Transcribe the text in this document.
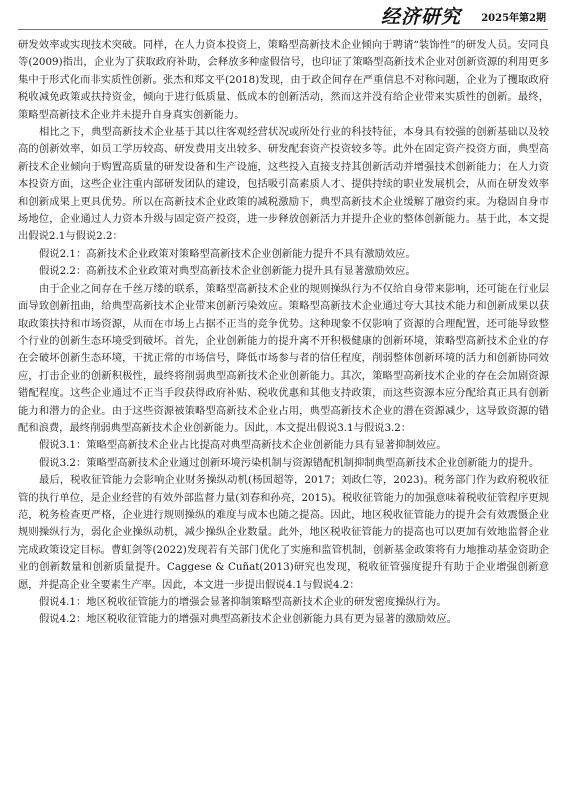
经济研究 2025年第2期

研发效率或实现技术突破。同样，在人力资本投资上，策略型高新技术企业倾向于聘请“装饰性”的研发人员。安同良等(2009)指出，企业为了获取政府补助，会释放多种虚假信号，也印证了策略型高新技术企业对创新资源的利用更多集中于形式化而非实质性创新。张杰和郑文平(2018)发现，由于政企间存在严重信息不对称问题，企业为了攫取政府税收减免政策或扶持资金，倾向于进行低质量、低成本的创新活动，然而这并没有给企业带来实质性的创新。最终，策略型高新技术企业并未提升自身真实创新能力。

相比之下，典型高新技术企业基于其以往客观经营状况或所处行业的科技特征，本身具有较强的创新基础以及较高的创新效率，如员工学历较高、研发费用支出较多、研发配套资产投资较多等。此外在固定资产投资方面，典型高新技术企业倾向于购置高质量的研发设备和生产设施，这些投入直接支持其创新活动并增强技术创新能力；在人力资本投资方面，这些企业注重内部研发团队的建设，包括吸引高素质人才、提供持续的职业发展机会，从而在研发效率和创新成果上更具优势。所以在高新技术企业政策的减税激励下，典型高新技术企业缓解了融资约束。为稳固自身市场地位，企业通过人力资本升级与固定资产投资，进一步释放创新活力并提升企业的整体创新能力。基于此，本文提出假说2.1与假说2.2：

假说2.1：高新技术企业政策对策略型高新技术企业创新能力提升不具有激励效应。

假说2.2：高新技术企业政策对典型高新技术企业创新能力提升具有显著激励效应。

由于企业之间存在千丝万缕的联系，策略型高新技术企业的规则操纵行为不仅给自身带来影响，还可能在行业层面导致创新扭曲，给典型高新技术企业带来创新污染效应。策略型高新技术企业通过夸大其技术能力和创新成果以获取政策扶持和市场资源，从而在市场上占据不正当的竞争优势。这种现象不仅影响了资源的合理配置，还可能导致整个行业的创新生态环境受到破坏。首先，企业创新能力的提升离不开积极健康的创新环境，策略型高新技术企业的存在会破坏创新生态环境，干扰正常的市场信号，降低市场参与者的信任程度，削弱整体创新环境的活力和创新协同效应，打击企业的创新积极性，最终将削弱典型高新技术企业创新能力。其次，策略型高新技术企业的存在会加剧资源错配程度。这些企业通过不正当手段获得政府补贴、税收优惠和其他支持政策，而这些资源本应分配给真正具有创新能力和潜力的企业。由于这些资源被策略型高新技术企业占用，典型高新技术企业的潜在资源减少，这导致资源的错配和浪费，最终削弱典型高新技术企业创新能力。因此，本文提出假说3.1与假说3.2：

假说3.1：策略型高新技术企业占比提高对典型高新技术企业创新能力具有显著抑制效应。

假说3.2：策略型高新技术企业通过创新环境污染机制与资源错配机制抑制典型高新技术企业创新能力的提升。

最后，税收征管能力会影响企业财务操纵动机(杨国超等，2017；刘政仁等，2023)。税务部门作为政府税收征管的执行单位，是企业经营的有效外部监督力量(刘春和孙亮，2015)。税收征管能力的加强意味着税收征管程序更规范，税务检查更严格，企业进行规则操纵的难度与成本也随之提高。因此，地区税收征管能力的提升会有效震慑企业规则操纵行为，弱化企业操纵动机，减少操纵企业数量。此外，地区税收征管能力的提高也可以更加有效地监督企业完成政策设定目标。曹虹剑等(2022)发现若有关部门优化了实施和监管机制，创新基金政策将有力地推动基金资助企业的创新数量和创新质量提升。Caggese & Cuñat(2013)研究也发现，税收征管强度提升有助于企业增强创新意愿，并提高企业全要素生产率。因此，本文进一步提出假说4.1与假说4.2：

假说4.1：地区税收征管能力的增强会显著抑制策略型高新技术企业的研发密度操纵行为。

假说4.2：地区税收征管能力的增强对典型高新技术企业创新能力具有更为显著的激励效应。
